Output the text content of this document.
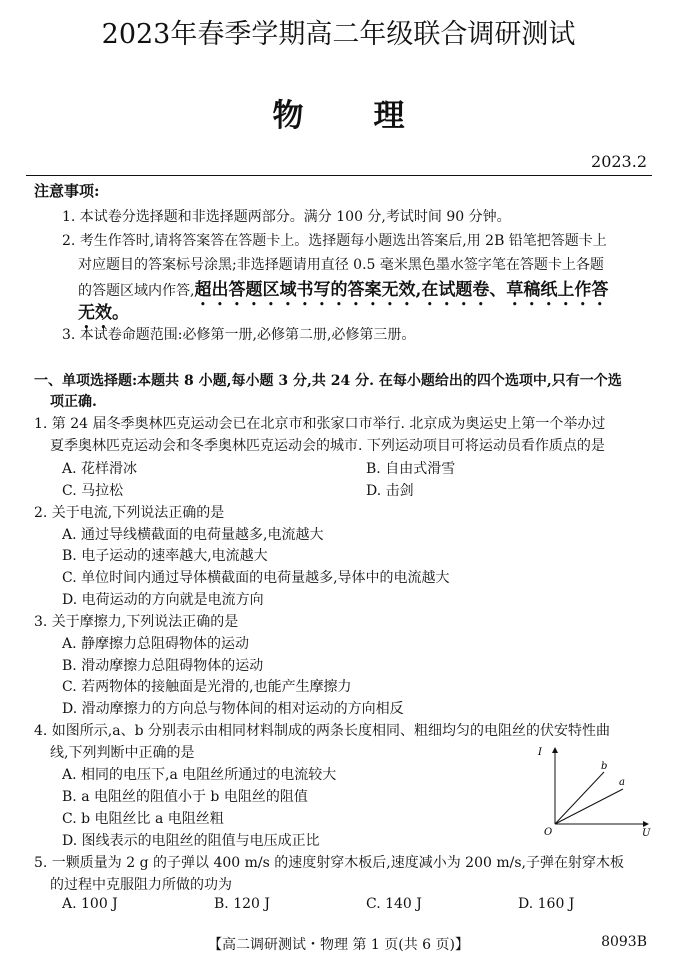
2023年春季学期高二年级联合调研测试
物 理
2023.2
注意事项:
1. 本试卷分选择题和非选择题两部分。满分 100 分,考试时间 90 分钟。
2. 考生作答时,请将答案答在答题卡上。选择题每小题选出答案后,用 2B 铅笔把答题卡上
对应题目的答案标号涂黑;非选择题请用直径 0.5 毫米黑色墨水签字笔在答题卡上各题
的答题区域内作答,超出答题区域书写的答案无效,在试题卷、草稿纸上作答
无效。
3. 本试卷命题范围:必修第一册,必修第二册,必修第三册。
一、单项选择题:本题共 8 小题,每小题 3 分,共 24 分. 在每小题给出的四个选项中,只有一个选
项正确.
1. 第 24 届冬季奥林匹克运动会已在北京市和张家口市举行. 北京成为奥运史上第一个举办过
夏季奥林匹克运动会和冬季奥林匹克运动会的城市. 下列运动项目可将运动员看作质点的是
A. 花样滑冰	B. 自由式滑雪
C. 马拉松	D. 击剑
2. 关于电流,下列说法正确的是
A. 通过导线横截面的电荷量越多,电流越大
B. 电子运动的速率越大,电流越大
C. 单位时间内通过导体横截面的电荷量越多,导体中的电流越大
D. 电荷运动的方向就是电流方向
3. 关于摩擦力,下列说法正确的是
A. 静摩擦力总阻碍物体的运动
B. 滑动摩擦力总阻碍物体的运动
C. 若两物体的接触面是光滑的,也能产生摩擦力
D. 滑动摩擦力的方向总与物体间的相对运动的方向相反
4. 如图所示,a、b 分别表示由相同材料制成的两条长度相同、粗细均匀的电阻丝的伏安特性曲
线,下列判断中正确的是
A. 相同的电压下,a 电阻丝所通过的电流较大
B. a 电阻丝的阻值小于 b 电阻丝的阻值
C. b 电阻丝比 a 电阻丝粗
D. 图线表示的电阻丝的阻值与电压成正比
I
U
O
b
a
5. 一颗质量为 2 g 的子弹以 400 m/s 的速度射穿木板后,速度减小为 200 m/s,子弹在射穿木板
的过程中克服阻力所做的功为
A. 100 J	B. 120 J	C. 140 J	D. 160 J
【高二调研测试・物理 第 1 页(共 6 页)】	8093B
